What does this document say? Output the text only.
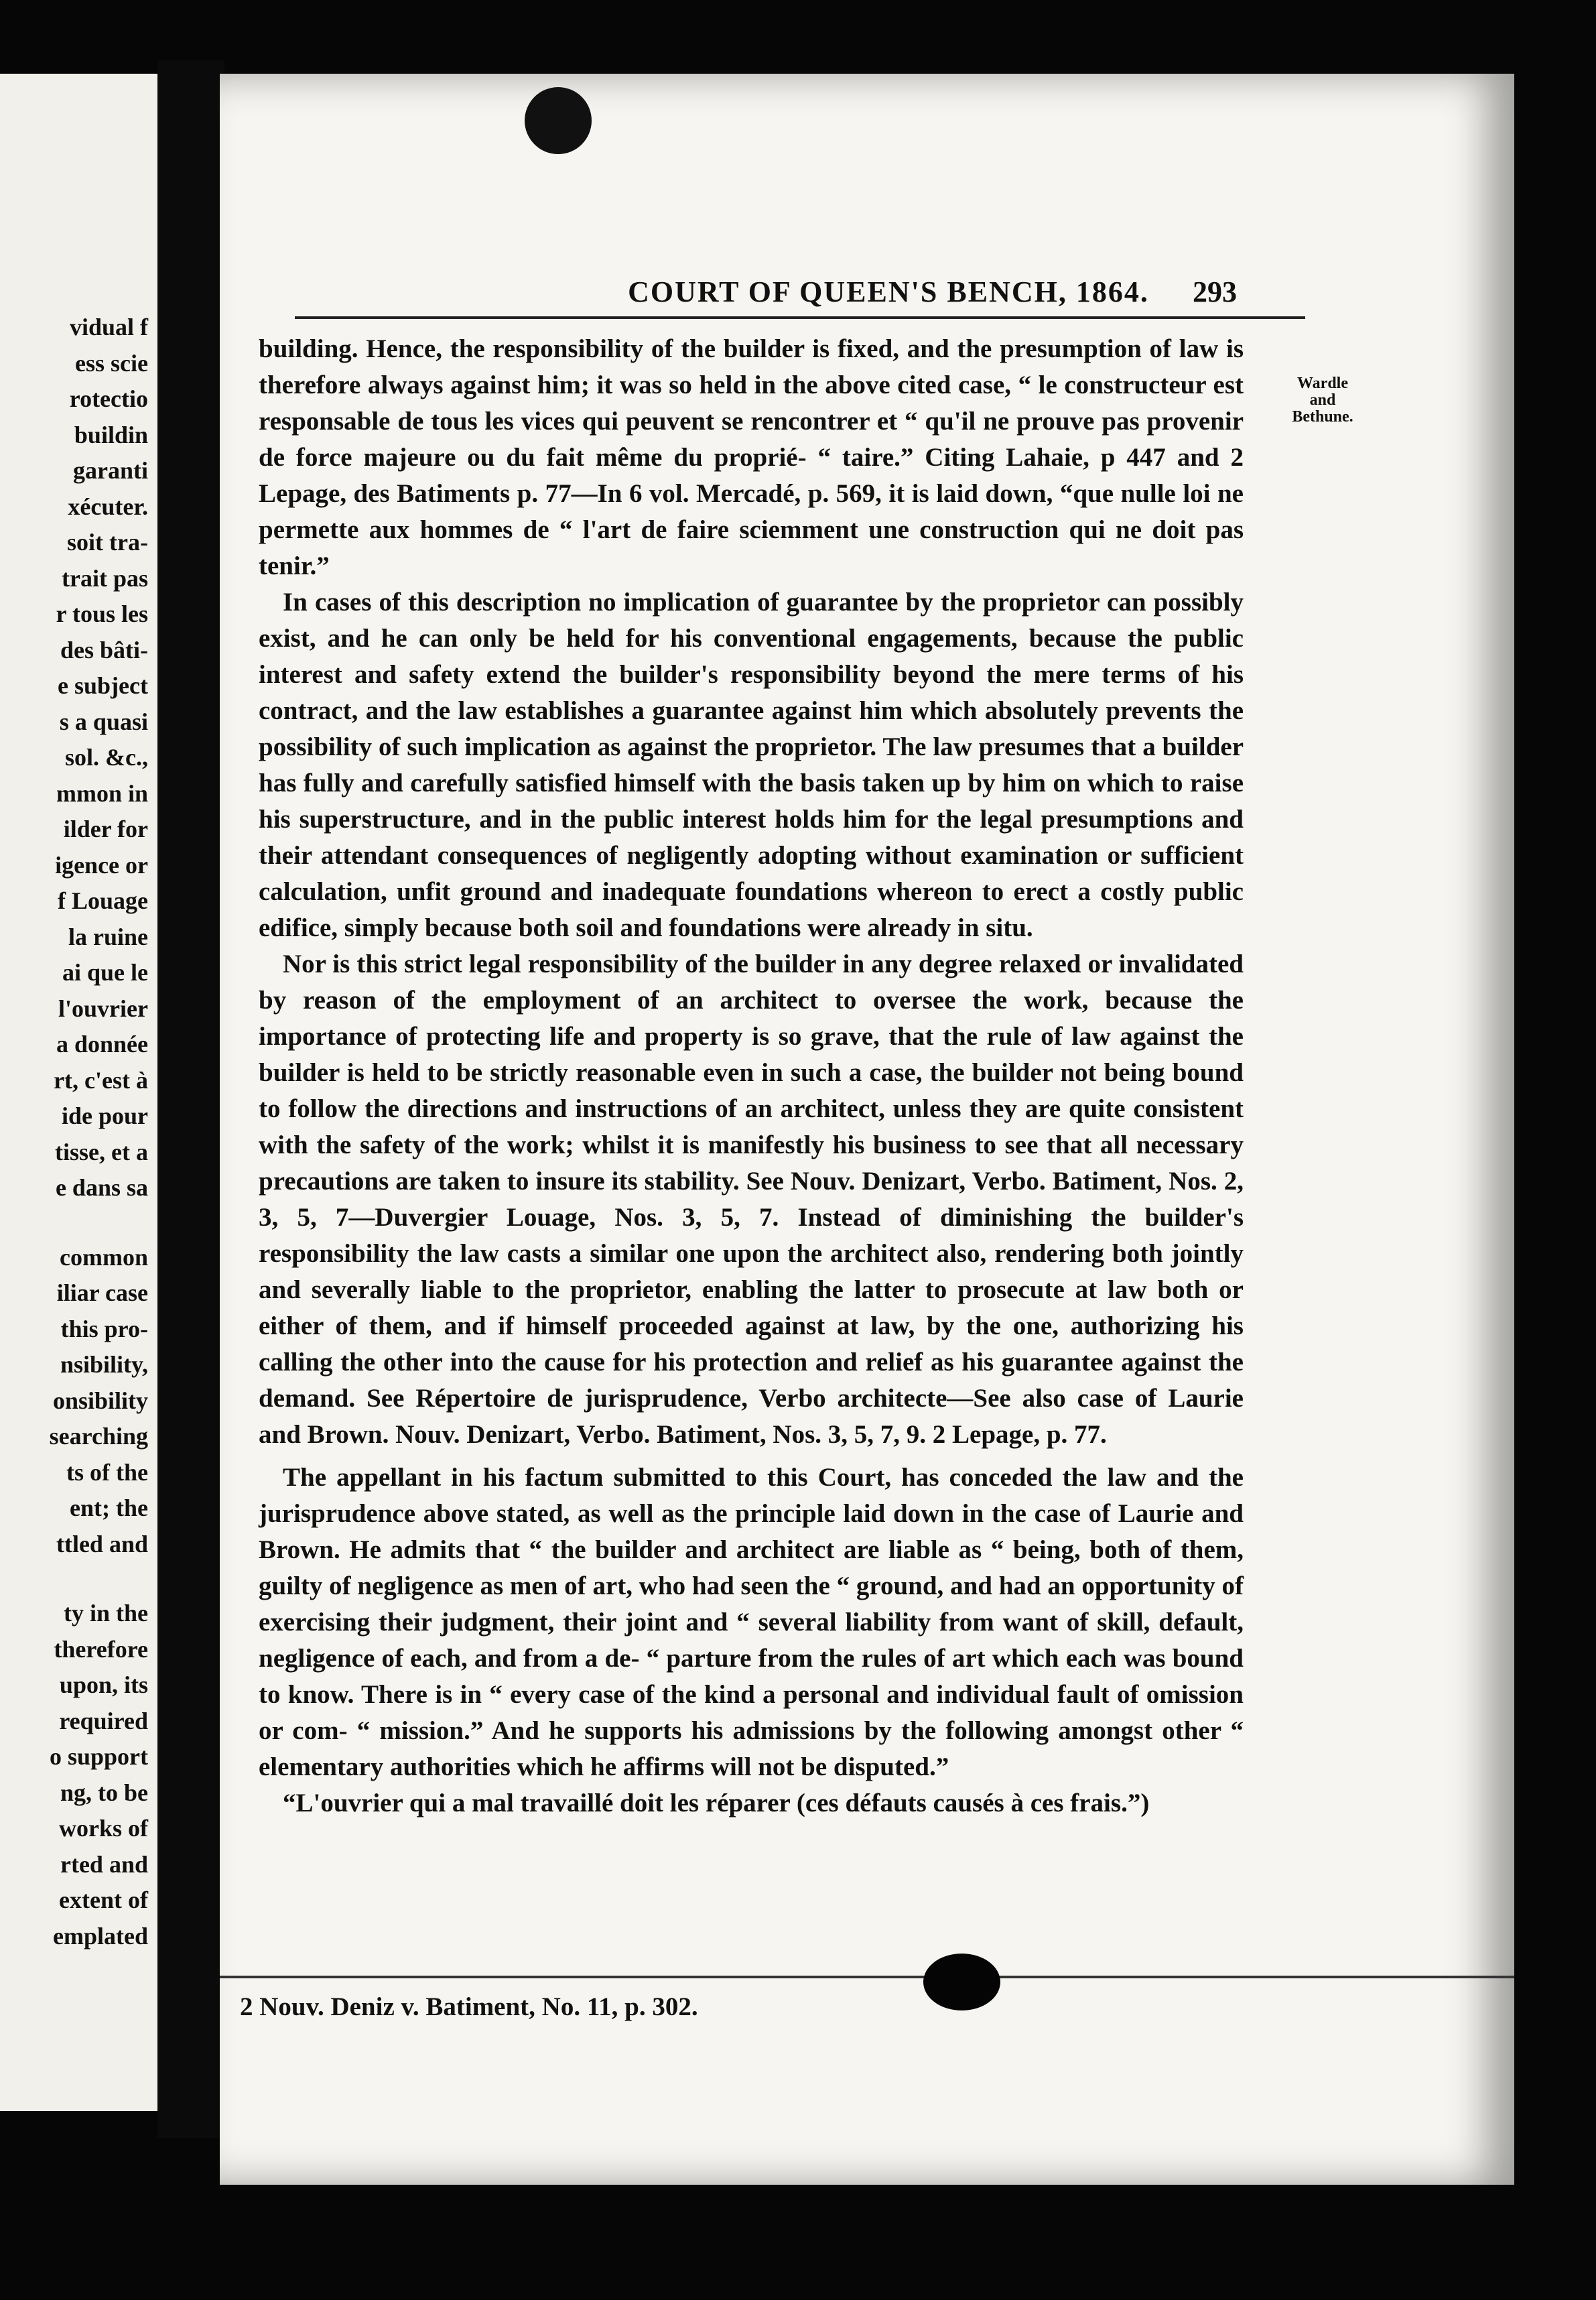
vidual f
ess scie
rotectio
buildin
garanti
xécuter.
soit tra-
trait pas
r tous les
des bâti-
e subject
s a quasi
sol. &c.,
mmon in
ilder for
igence or
f Louage
la ruine
ai que le
l'ouvrier
a donnée
rt, c'est à
ide pour
tisse, et a
e dans sa
common
iliar case
this pro-
nsibility,
onsibility
searching
ts of the
ent; the
ttled and
ty in the
therefore
upon, its
required
o support
ng, to be
works of
rted and
extent of
emplated
COURT OF QUEEN'S BENCH, 1864.	293
Wardle
and
Bethune.

building. Hence, the responsibility of the builder is fixed, and the presumption of law is therefore always against him; it was so held in the above cited case, “ le constructeur est responsable de tous les vices qui peuvent se rencontrer et “ qu'il ne prouve pas provenir de force majeure ou du fait même du proprié- “ taire.” Citing Lahaie, p 447 and 2 Lepage, des Batiments p. 77—In 6 vol. Mercadé, p. 569, it is laid down, “que nulle loi ne permette aux hommes de “ l'art de faire sciemment une construction qui ne doit pas tenir.”

In cases of this description no implication of guarantee by the proprietor can possibly exist, and he can only be held for his conventional engagements, because the public interest and safety extend the builder's responsibility beyond the mere terms of his contract, and the law establishes a guarantee against him which absolutely prevents the possibility of such implication as against the proprietor. The law presumes that a builder has fully and carefully satisfied himself with the basis taken up by him on which to raise his superstructure, and in the public interest holds him for the legal presumptions and their attendant consequences of negligently adopting without examination or sufficient calculation, unfit ground and inadequate foundations whereon to erect a costly public edifice, simply because both soil and foundations were already in situ.

Nor is this strict legal responsibility of the builder in any degree relaxed or invalidated by reason of the employment of an architect to oversee the work, because the importance of protecting life and property is so grave, that the rule of law against the builder is held to be strictly reasonable even in such a case, the builder not being bound to follow the directions and instructions of an architect, unless they are quite consistent with the safety of the work; whilst it is manifestly his business to see that all necessary precautions are taken to insure its stability. See Nouv. Denizart, Verbo. Batiment, Nos. 2, 3, 5, 7—Duvergier Louage, Nos. 3, 5, 7. Instead of diminishing the builder's responsibility the law casts a similar one upon the architect also, rendering both jointly and severally liable to the proprietor, enabling the latter to prosecute at law both or either of them, and if himself proceeded against at law, by the one, authorizing his calling the other into the cause for his protection and relief as his guarantee against the demand. See Répertoire de jurisprudence, Verbo architecte—See also case of Laurie and Brown. Nouv. Denizart, Verbo. Batiment, Nos. 3, 5, 7, 9. 2 Lepage, p. 77.

The appellant in his factum submitted to this Court, has conceded the law and the jurisprudence above stated, as well as the principle laid down in the case of Laurie and Brown. He admits that “ the builder and architect are liable as “ being, both of them, guilty of negligence as men of art, who had seen the “ ground, and had an opportunity of exercising their judgment, their joint and “ several liability from want of skill, default, negligence of each, and from a de- “ parture from the rules of art which each was bound to know. There is in “ every case of the kind a personal and individual fault of omission or com- “ mission.” And he supports his admissions by the following amongst other “ elementary authorities which he affirms will not be disputed.”

“L'ouvrier qui a mal travaillé doit les réparer (ces défauts causés à ces frais.”)

2 Nouv. Deniz v. Batiment, No. 11, p. 302.
